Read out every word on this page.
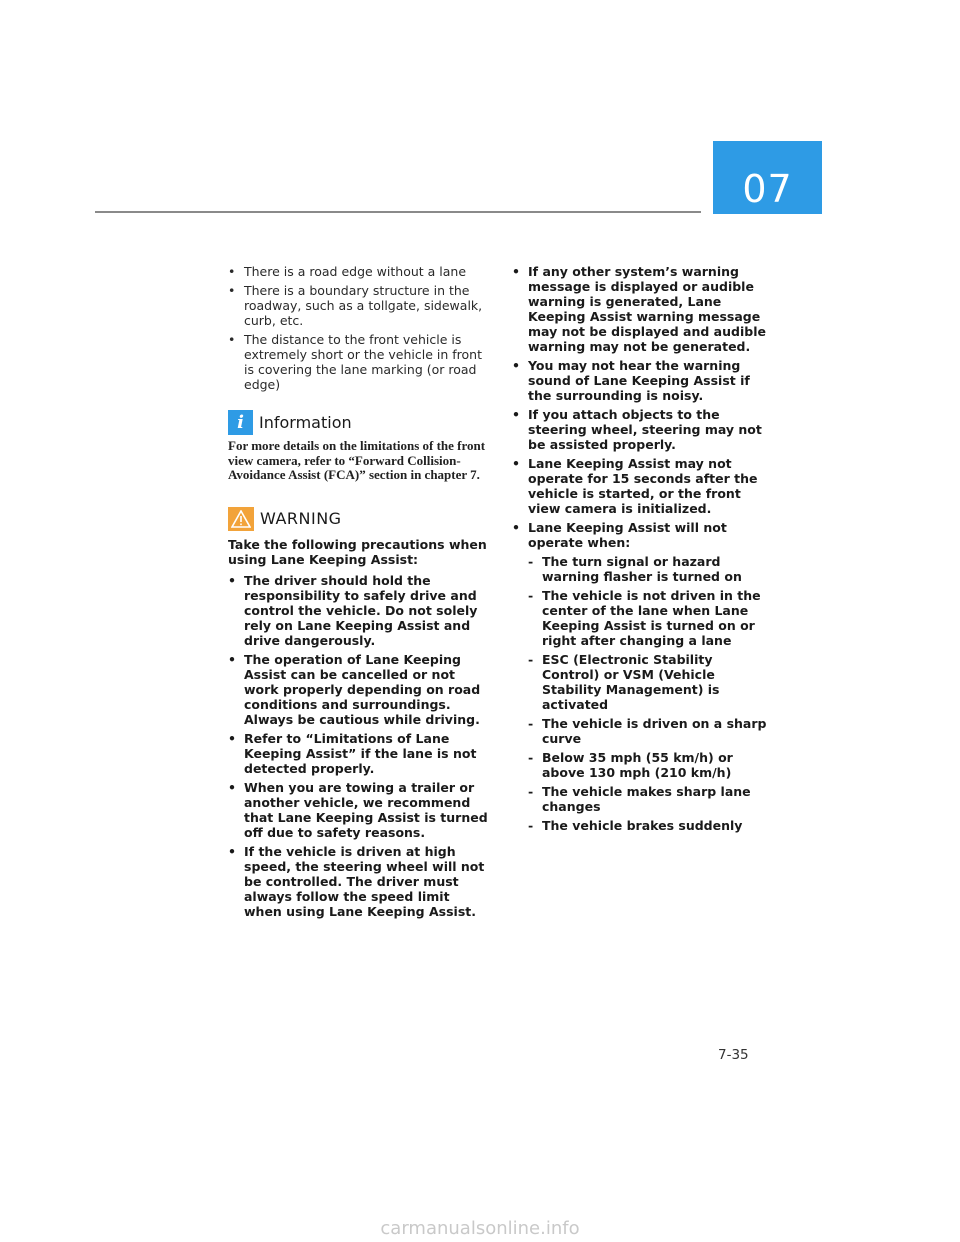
07
• There is a road edge without a lane
• There is a boundary structure in the roadway, such as a tollgate, sidewalk, curb, etc.
• The distance to the front vehicle is extremely short or the vehicle in front is covering the lane marking (or road edge)
i Information
For more details on the limitations of the front view camera, refer to “Forward Collision-Avoidance Assist (FCA)” section in chapter 7.
WARNING
Take the following precautions when using Lane Keeping Assist:
• The driver should hold the responsibility to safely drive and control the vehicle. Do not solely rely on Lane Keeping Assist and drive dangerously.
• The operation of Lane Keeping Assist can be cancelled or not work properly depending on road conditions and surroundings. Always be cautious while driving.
• Refer to “Limitations of Lane Keeping Assist” if the lane is not detected properly.
• When you are towing a trailer or another vehicle, we recommend that Lane Keeping Assist is turned off due to safety reasons.
• If the vehicle is driven at high speed, the steering wheel will not be controlled. The driver must always follow the speed limit when using Lane Keeping Assist.
• If any other system’s warning message is displayed or audible warning is generated, Lane Keeping Assist warning message may not be displayed and audible warning may not be generated.
• You may not hear the warning sound of Lane Keeping Assist if the surrounding is noisy.
• If you attach objects to the steering wheel, steering may not be assisted properly.
• Lane Keeping Assist may not operate for 15 seconds after the vehicle is started, or the front view camera is initialized.
• Lane Keeping Assist will not operate when:
- The turn signal or hazard warning flasher is turned on
- The vehicle is not driven in the center of the lane when Lane Keeping Assist is turned on or right after changing a lane
- ESC (Electronic Stability Control) or VSM (Vehicle Stability Management) is activated
- The vehicle is driven on a sharp curve
- Below 35 mph (55 km/h) or above 130 mph (210 km/h)
- The vehicle makes sharp lane changes
- The vehicle brakes suddenly
7-35
carmanualsonline.info
